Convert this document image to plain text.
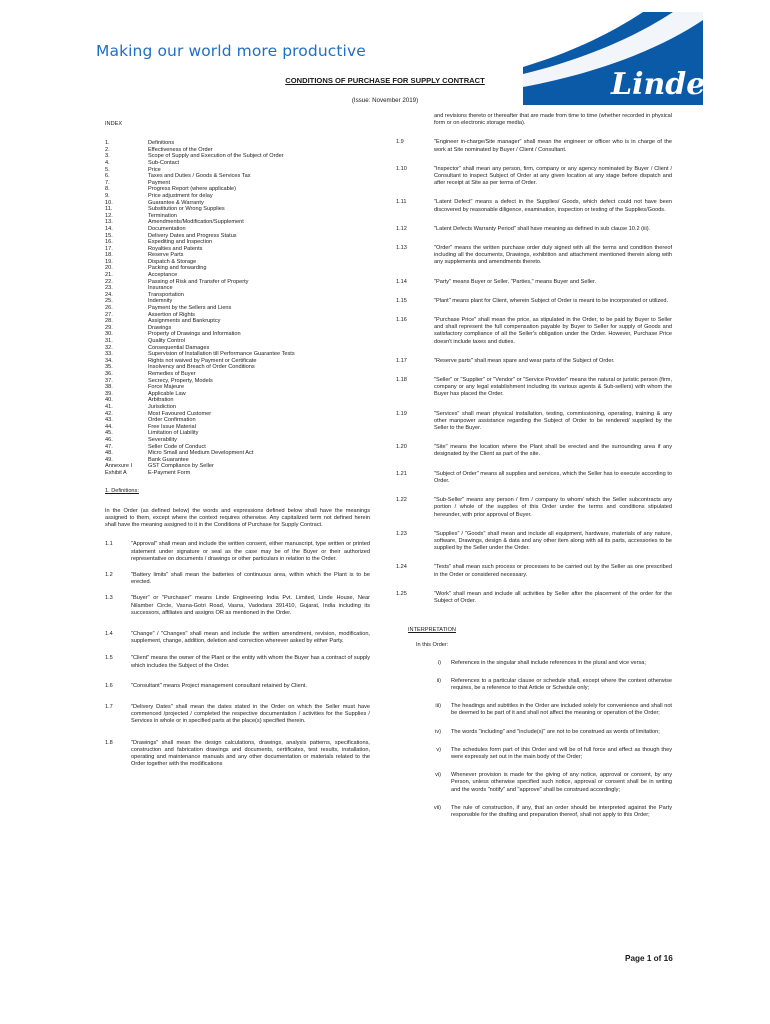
Making our world more productive
Linde
CONDITIONS OF PURCHASE FOR SUPPLY CONTRACT
(Issue: November 2019)
INDEX
1.	Definitions
2.	Effectiveness of the Order
3.	Scope of Supply and Execution of the Subject of Order
4.	Sub-Contact
5.	Price
6.	Taxes and Duties / Goods & Services Tax
7.	Payment
8.	Progress Report (where applicable)
9.	Price adjustment for delay
10.	Guarantee & Warranty
11.	Substitution or Wrong Supplies
12.	Termination
13.	Amendments/Modification/Supplement
14.	Documentation
15.	Delivery Dates and Progress Status
16.	Expediting and Inspection
17.	Royalties and Patents
18.	Reserve Parts
19.	Dispatch & Storage
20.	Packing and forwarding
21.	Acceptance
22.	Passing of Risk and Transfer of Property
23.	Insurance
24.	Transportation
25.	Indemnity
26.	Payment by the Sellers and Liens
27.	Assertion of Rights
28.	Assignments and Bankruptcy
29.	Drawings
30.	Property of Drawings and Information
31.	Quality Control
32.	Consequential Damages
33.	Supervision of Installation till Performance Guarantee Tests
34.	Rights not waived by Payment or Certificate
35.	Insolvency and Breach of Order Conditions
36.	Remedies of Buyer
37.	Secrecy, Property, Models
38.	Force Majeure
39.	Applicable Law
40.	Arbitration
41.	Jurisdiction
42.	Most Favoured Customer
43.	Order Confirmation
44.	Free Issue Material
45.	Limitation of Liability
46.	Severability
47.	Seller Code of Conduct
48.	Micro Small and Medium Development Act
49.	Bank Guarantee
Annexure I	GST Compliance by Seller
Exhibit A	E-Payment Form
1. Definitions:
In the Order (as defined below) the words and expressions defined below shall have the meanings assigned to them, except where the context requires otherwise. Any capitalized term not defined herein shall have the meaning assigned to it in the Conditions of Purchase for Supply Contract.
1.1	"Approval" shall mean and include the written consent, either manuscript, type written or printed statement under signature or seal as the case may be of the Buyer or their authorized representative on documents / drawings or other particulars in relation to the Order.
1.2	"Battery limits" shall mean the batteries of continuous area, within which the Plant is to be erected.
1.3	"Buyer" or "Purchaser" means Linde Engineering India Pvt. Limited, Linde House, Near Nilamber Circle, Vasna-Gotri Road, Vasna, Vadodara 391410, Gujarat, India including its successors, affiliates and assigns OR as mentioned in the Order.
1.4	"Change" / "Changes" shall mean and include the written amendment, revision, modification, supplement, change, addition, deletion and correction wherever asked by either Party.
1.5	"Client" means the owner of the Plant or the entity with whom the Buyer has a contract of supply which includes the Subject of the Order.
1.6	"Consultant" means Project management consultant retained by Client.
1.7	"Delivery Dates" shall mean the dates stated in the Order on which the Seller must have commenced /projected / completed the respective documentation / activities for the Supplies / Services in whole or in specified parts at the place(s) specified therein.
1.8	"Drawings" shall mean the design calculations, drawings, analysis patterns, specifications, construction and fabrication drawings and documents, certificates, test results, installation, operating and maintenance manuals and any other documentation or materials related to the Order together with the modifications
and revisions thereto or thereafter that are made from time to time (whether recorded in physical form or on electronic storage media).
1.9	"Engineer in-charge/Site manager" shall mean the engineer or officer who is in charge of the work at Site nominated by Buyer / Client / Consultant.
1.10	"Inspector" shall mean any person, firm, company or any agency nominated by Buyer / Client / Consultant to inspect Subject of Order at any given location at any stage before dispatch and after receipt at Site as per terms of Order.
1.11	"Latent Defect" means a defect in the Supplies/ Goods, which defect could not have been discovered by reasonable diligence, examination, inspection or testing of the Supplies/Goods.
1.12	"Latent Defects Warranty Period" shall have meaning as defined in sub clause 10.2 (iii).
1.13	"Order" means the written purchase order duly signed with all the terms and condition thereof including all the documents, Drawings, exhibition and attachment mentioned therein along with any supplements and amendments thereto.
1.14	"Party" means Buyer or Seller. "Parties," means Buyer and Seller.
1.15	"Plant" means plant for Client, wherein Subject of Order is meant to be incorporated or utilized.
1.16	"Purchase Price" shall mean the price, as stipulated in the Order, to be paid by Buyer to Seller and shall represent the full compensation payable by Buyer to Seller for supply of Goods and satisfactory compliance of all the Seller's obligation under the Order. However, Purchase Price doesn't include taxes and duties.
1.17	"Reserve parts" shall mean spare and wear parts of the Subject of Order.
1.18	"Seller" or "Supplier" or "Vendor" or "Service Provider" means the natural or juristic person (firm, company or any legal establishment including its various agents & Sub-sellers) with whom the Buyer has placed the Order.
1.19	"Services" shall mean physical installation, testing, commissioning, operating, training & any other manpower assistance regarding the Subject of Order to be rendered/ supplied by the Seller to the Buyer.
1.20	"Site" means the location where the Plant shall be erected and the surrounding area if any designated by the Client as part of the site.
1.21	"Subject of Order" means all supplies and services, which the Seller has to execute according to Order.
1.22	"Sub-Seller" means any person / firm / company to whom/ which the Seller subcontracts any portion / whole of the supplies of this Order under the terms and conditions stipulated hereunder, with prior approval of Buyer.
1.23	"Supplies" / "Goods" shall mean and include all equipment, hardware, materials of any nature, software, Drawings, design & data and any other item along with all its parts, accessories to be supplied by the Seller under the Order.
1.24	"Tests" shall mean such process or processes to be carried out by the Seller as one prescribed in the Order or considered necessary.
1.25	"Work" shall mean and include all activities by Seller after the placement of the order for the Subject of Order.
INTERPRETATION
In this Order:
i)	References in the singular shall include references in the plural and vice versa;
ii)	References to a particular clause or schedule shall, except where the context otherwise requires, be a reference to that Article or Schedule only;
iii)	The headings and subtitles in the Order are included solely for convenience and shall not be deemed to be part of it and shall not affect the meaning or operation of the Order;
iv)	The words "including" and "include(s)" are not to be construed as words of limitation;
v)	The schedules form part of this Order and will be of full force and effect as though they were expressly set out in the main body of the Order;
vi)	Whenever provision is made for the giving of any notice, approval or consent, by any Person, unless otherwise specified such notice, approval or consent shall be in writing and the words "notify" and "approve" shall be construed accordingly;
vii)	The rule of construction, if any, that an order should be interpreted against the Party responsible for the drafting and preparation thereof, shall not apply to this Order;
Page 1 of 16
